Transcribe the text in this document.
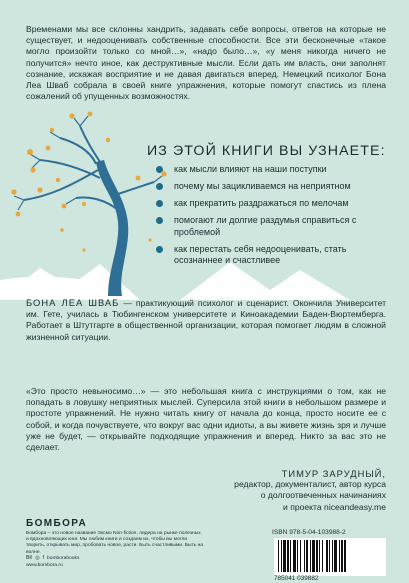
Временами мы все склонны хандрить, задавать себе вопросы, ответов на которые не существует, и недооценивать собственные способности. Все эти бесконечные «такое могло произойти только со мной…», «надо было…», «у меня никогда ничего не получится» нечто иное, как деструктивные мысли. Если дать им власть, они заполнят сознание, искажая восприятие и не давая двигаться вперед. Немецкий психолог Бона Леа Шваб собрала в своей книге упражнения, которые помогут спастись из плена сожалений об упущенных возможностях.

ИЗ ЭТОЙ КНИГИ ВЫ УЗНАЕТЕ:
как мысли влияют на наши поступки
почему мы зацикливаемся на неприятном
как прекратить раздражаться по мелочам
помогают ли долгие раздумья справиться с проблемой
как перестать себя недооценивать, стать осознаннее и счастливее

БОНА ЛЕА ШВАБ — практикующий психолог и сценарист. Окончила Университет им. Гете, училась в Тюбингенском университете и Киноакадемии Баден-Вюртемберга. Работает в Штутгарте в общественной организации, которая помогает людям в сложной жизненной ситуации.

«Это просто невыносимо…» — это небольшая книга с инструкциями о том, как не попадать в ловушку неприятных мыслей. Суперсила этой книги в небольшом размере и простоте упражнений. Не нужно читать книгу от начала до конца, просто носите ее с собой, и когда почувствуете, что вокруг вас одни идиоты, а вы живете жизнь зря и лучше уже не будет, — открывайте подходящие упражнения и вперед. Никто за вас это не сделает.

ТИМУР ЗАРУДНЫЙ,
редактор, документалист, автор курса
о долгоотвеченных начинаниях
и проекта niceandeasy.me
БОМБОРА

Бомбора – это новое название Эксмо Non-fiction, лидера на рынке полезных и вдохновляющих книг. Мы любим книги и создаем их, чтобы вы могли творить, открывать мир, пробовать новое, расти. Быть счастливыми. Быть на волне.

ВК ◎ f bomborabooks
www.bombora.ru
ISBN 978-5-04-103988-2
785041 039882
